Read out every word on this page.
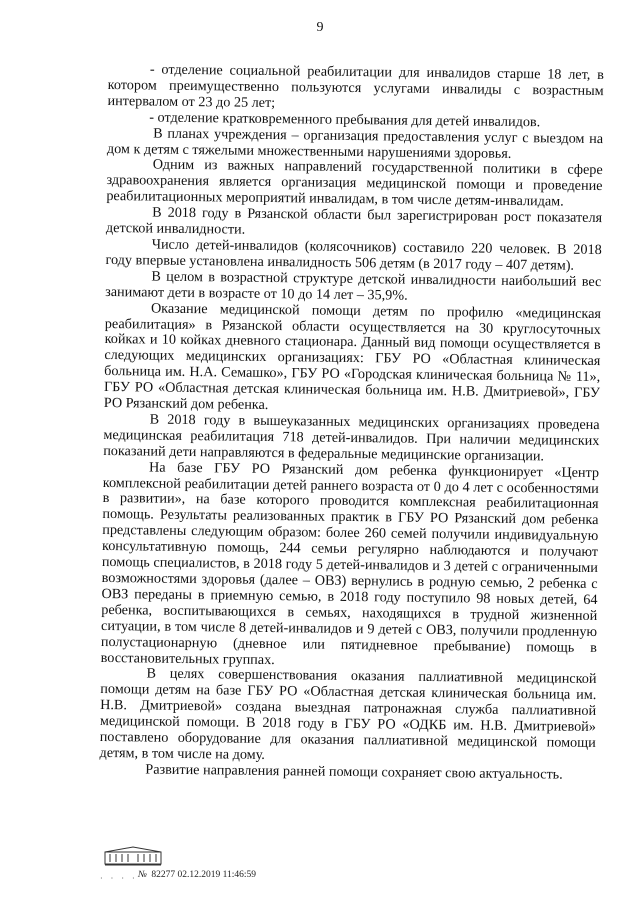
9

- отделение социальной реабилитации для инвалидов старше 18 лет, в котором преимущественно пользуются услугами инвалиды с возрастным интервалом от 23 до 25 лет;

- отделение кратковременного пребывания для детей инвалидов.

В планах учреждения – организация предоставления услуг с выездом на дом к детям с тяжелыми множественными нарушениями здоровья.

Одним из важных направлений государственной политики в сфере здравоохранения является организация медицинской помощи и проведение реабилитационных мероприятий инвалидам, в том числе детям-инвалидам.

В 2018 году в Рязанской области был зарегистрирован рост показателя детской инвалидности.

Число детей-инвалидов (колясочников) составило 220 человек. В 2018 году впервые установлена инвалидность 506 детям (в 2017 году – 407 детям).

В целом в возрастной структуре детской инвалидности наибольший вес занимают дети в возрасте от 10 до 14 лет – 35,9%.

Оказание медицинской помощи детям по профилю «медицинская реабилитация» в Рязанской области осуществляется на 30 круглосуточных койках и 10 койках дневного стационара. Данный вид помощи осуществляется в следующих медицинских организациях: ГБУ РО «Областная клиническая больница им. Н.А. Семашко», ГБУ РО «Городская клиническая больница № 11», ГБУ РО «Областная детская клиническая больница им. Н.В. Дмитриевой», ГБУ РО Рязанский дом ребенка.

В 2018 году в вышеуказанных медицинских организациях проведена медицинская реабилитация 718 детей-инвалидов. При наличии медицинских показаний дети направляются в федеральные медицинские организации.

На базе ГБУ РО Рязанский дом ребенка функционирует «Центр комплексной реабилитации детей раннего возраста от 0 до 4 лет с особенностями в развитии», на базе которого проводится комплексная реабилитационная помощь. Результаты реализованных практик в ГБУ РО Рязанский дом ребенка представлены следующим образом: более 260 семей получили индивидуальную консультативную помощь, 244 семьи регулярно наблюдаются и получают помощь специалистов, в 2018 году 5 детей-инвалидов и 3 детей с ограниченными возможностями здоровья (далее – ОВЗ) вернулись в родную семью, 2 ребенка с ОВЗ переданы в приемную семью, в 2018 году поступило 98 новых детей, 64 ребенка, воспитывающихся в семьях, находящихся в трудной жизненной ситуации, в том числе 8 детей-инвалидов и 9 детей с ОВЗ, получили продленную полустационарную (дневное или пятидневное пребывание) помощь в восстановительных группах.

В целях совершенствования оказания паллиативной медицинской помощи детям на базе ГБУ РО «Областная детская клиническая больница им. Н.В. Дмитриевой» создана выездная патронажная служба паллиативной медицинской помощи. В 2018 году в ГБУ РО «ОДКБ им. Н.В. Дмитриевой» поставлено оборудование для оказания паллиативной медицинской помощи детям, в том числе на дому.

Развитие направления ранней помощи сохраняет свою актуальность.

· · · · № 82277 02.12.2019 11:46:59
